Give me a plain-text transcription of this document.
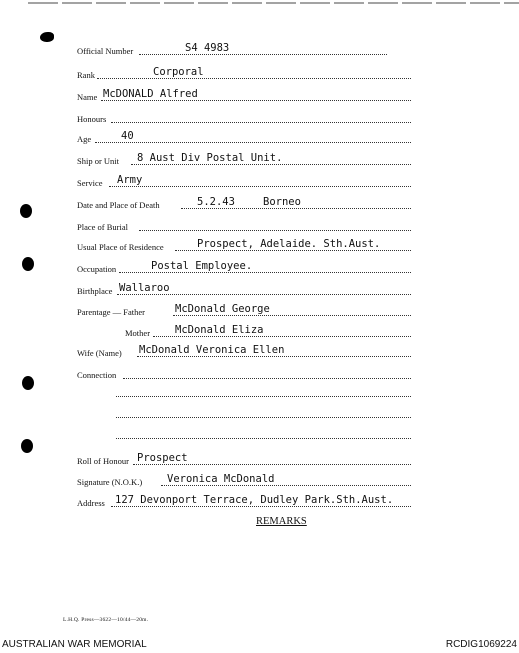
Official Number	S4 4983
Rank	Corporal
Name McDONALD Alfred
Honours
Age	40
Ship or Unit 8 Aust Div Postal Unit.
Service Army
Date and Place of Death	5.2.43	Borneo
Place of Burial
Usual Place of Residence	Prospect, Adelaide. Sth.Aust.
Occupation	Postal Employee.
Birthplace Wallaroo
Parentage — Father	McDonald George
Mother McDonald Eliza
Wife (Name) McDonald Veronica Ellen
Connection
Roll of Honour Prospect
Signature (N.O.K.) Veronica McDonald
Address 127 Devonport Terrace, Dudley Park.Sth.Aust.
REMARKS
L.H.Q. Press—3622—10/44—20m.
AUSTRALIAN WAR MEMORIAL	RCDIG1069224
